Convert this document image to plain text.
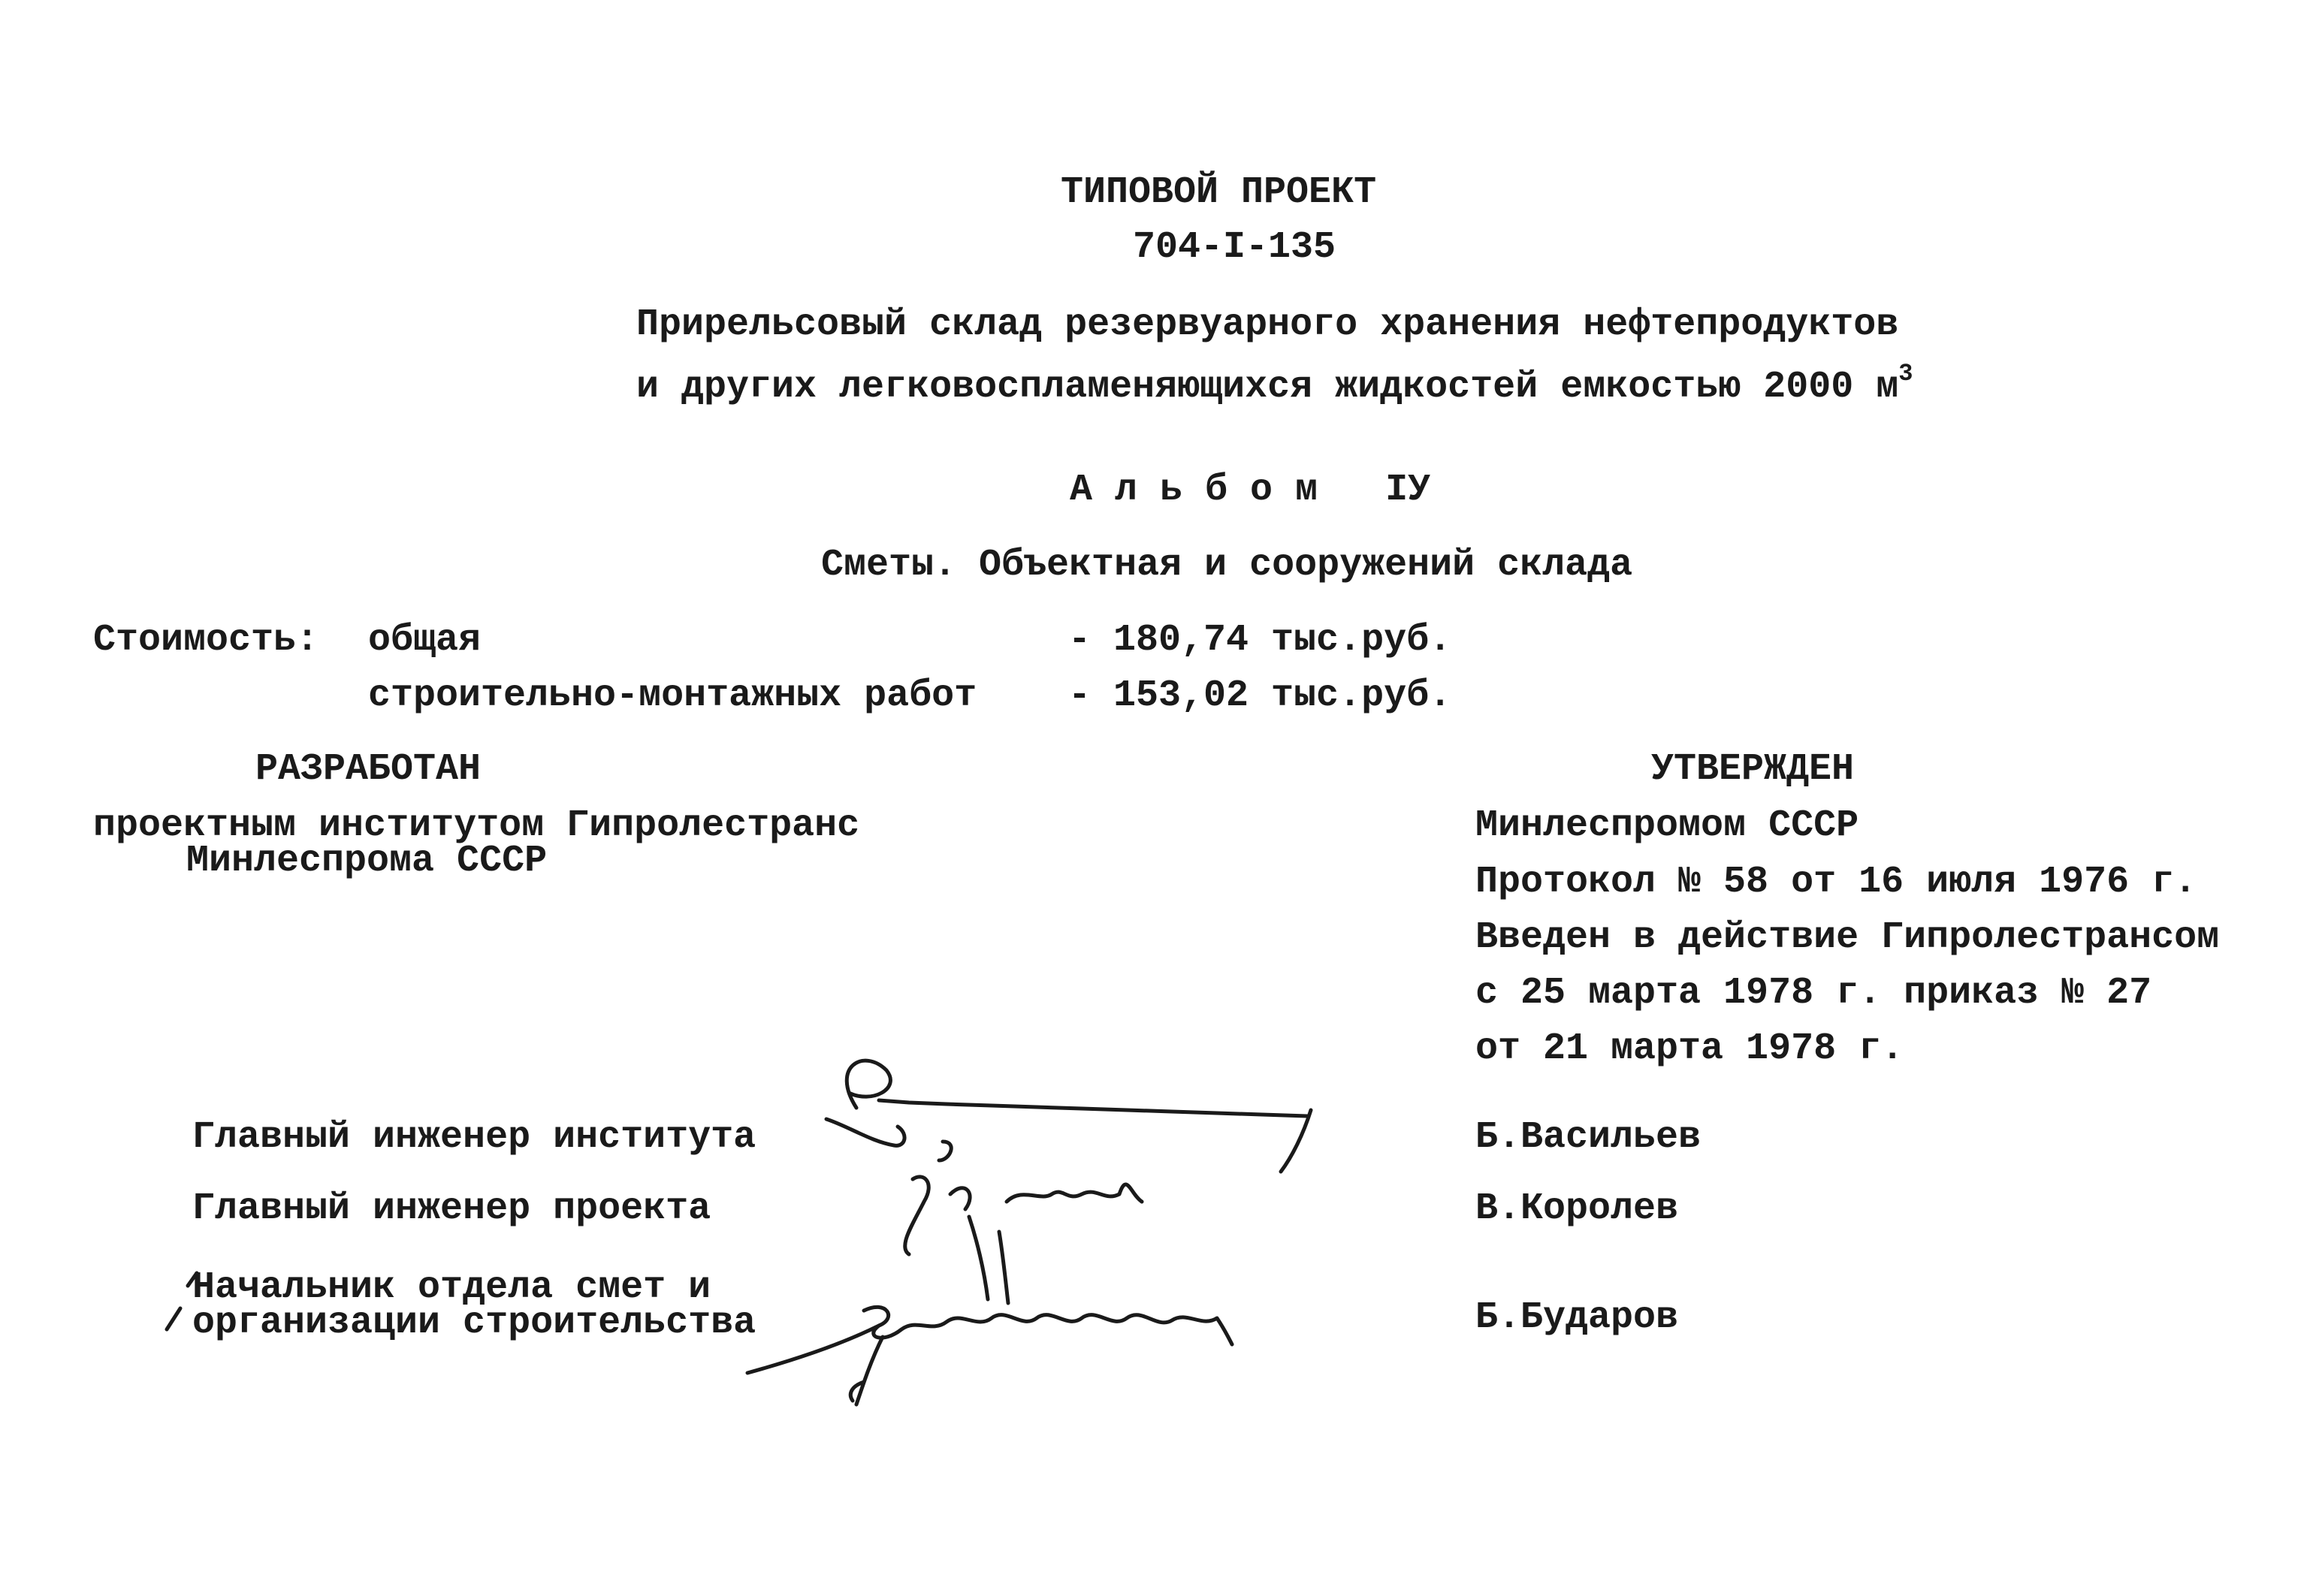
ТИПОВОЙ ПРОЕКТ
704-I-135
Прирельсовый склад резервуарного хранения нефтепродуктов
и других легковоспламеняющихся жидкостей емкостью 2000 $м^3$
А л ь б о м   IУ
Сметы. Объектная и сооружений склада
Стоимость: общая	- 180,74 тыс.руб.
строительно-монтажных работ - 153,02 тыс.руб.
РАЗРАБОТАН
проектным институтом Гипролестранс
Минлеспрома СССР
УТВЕРЖДЕН
Минлеспромом СССР
Протокол № 58 от 16 июля 1976 г.
Введен в действие Гипролестрансом
с 25 марта 1978 г. приказ № 27
от 21 марта 1978 г.
Главный инженер института	Б.Васильев
Главный инженер проекта	В.Королев
Начальник отдела смет и
организации строительства	Б.Бударов
